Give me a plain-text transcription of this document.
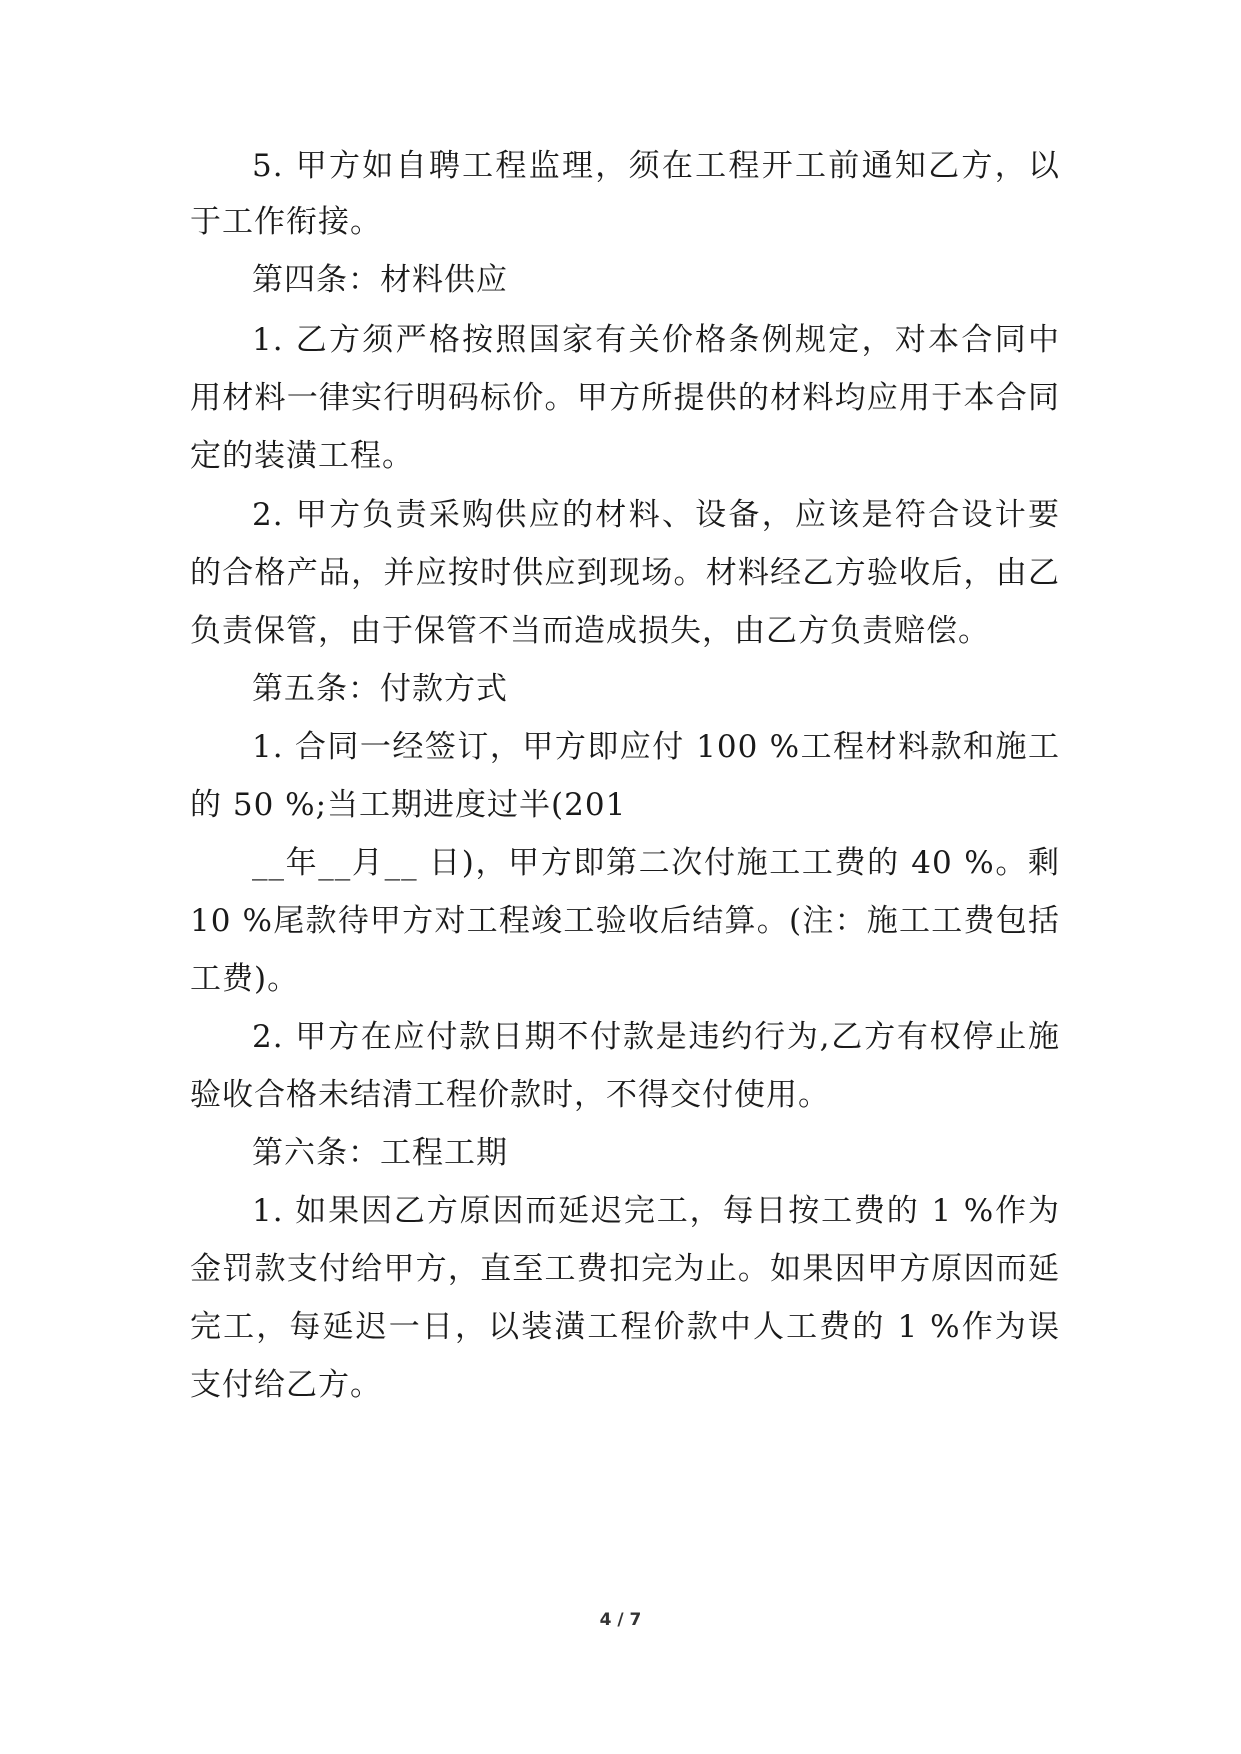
5. 甲方如自聘工程监理，须在工程开工前通知乙方，以
于工作衔接。
第四条：材料供应
1. 乙方须严格按照国家有关价格条例规定，对本合同中
用材料一律实行明码标价。甲方所提供的材料均应用于本合同
定的装潢工程。
2. 甲方负责采购供应的材料、设备，应该是符合设计要
的合格产品，并应按时供应到现场。材料经乙方验收后，由乙
负责保管，由于保管不当而造成损失，由乙方负责赔偿。
第五条：付款方式
1. 合同一经签订，甲方即应付 100 %工程材料款和施工
的 50 %;当工期进度过半(201
__年__月__ 日)，甲方即第二次付施工工费的 40 %。剩
10 %尾款待甲方对工程竣工验收后结算。(注：施工工费包括
工费)。
2. 甲方在应付款日期不付款是违约行为,乙方有权停止施
验收合格未结清工程价款时，不得交付使用。
第六条：工程工期
1. 如果因乙方原因而延迟完工，每日按工费的 1 %作为
金罚款支付给甲方，直至工费扣完为止。如果因甲方原因而延
完工，每延迟一日，以装潢工程价款中人工费的 1 %作为误
支付给乙方。
4 / 7
